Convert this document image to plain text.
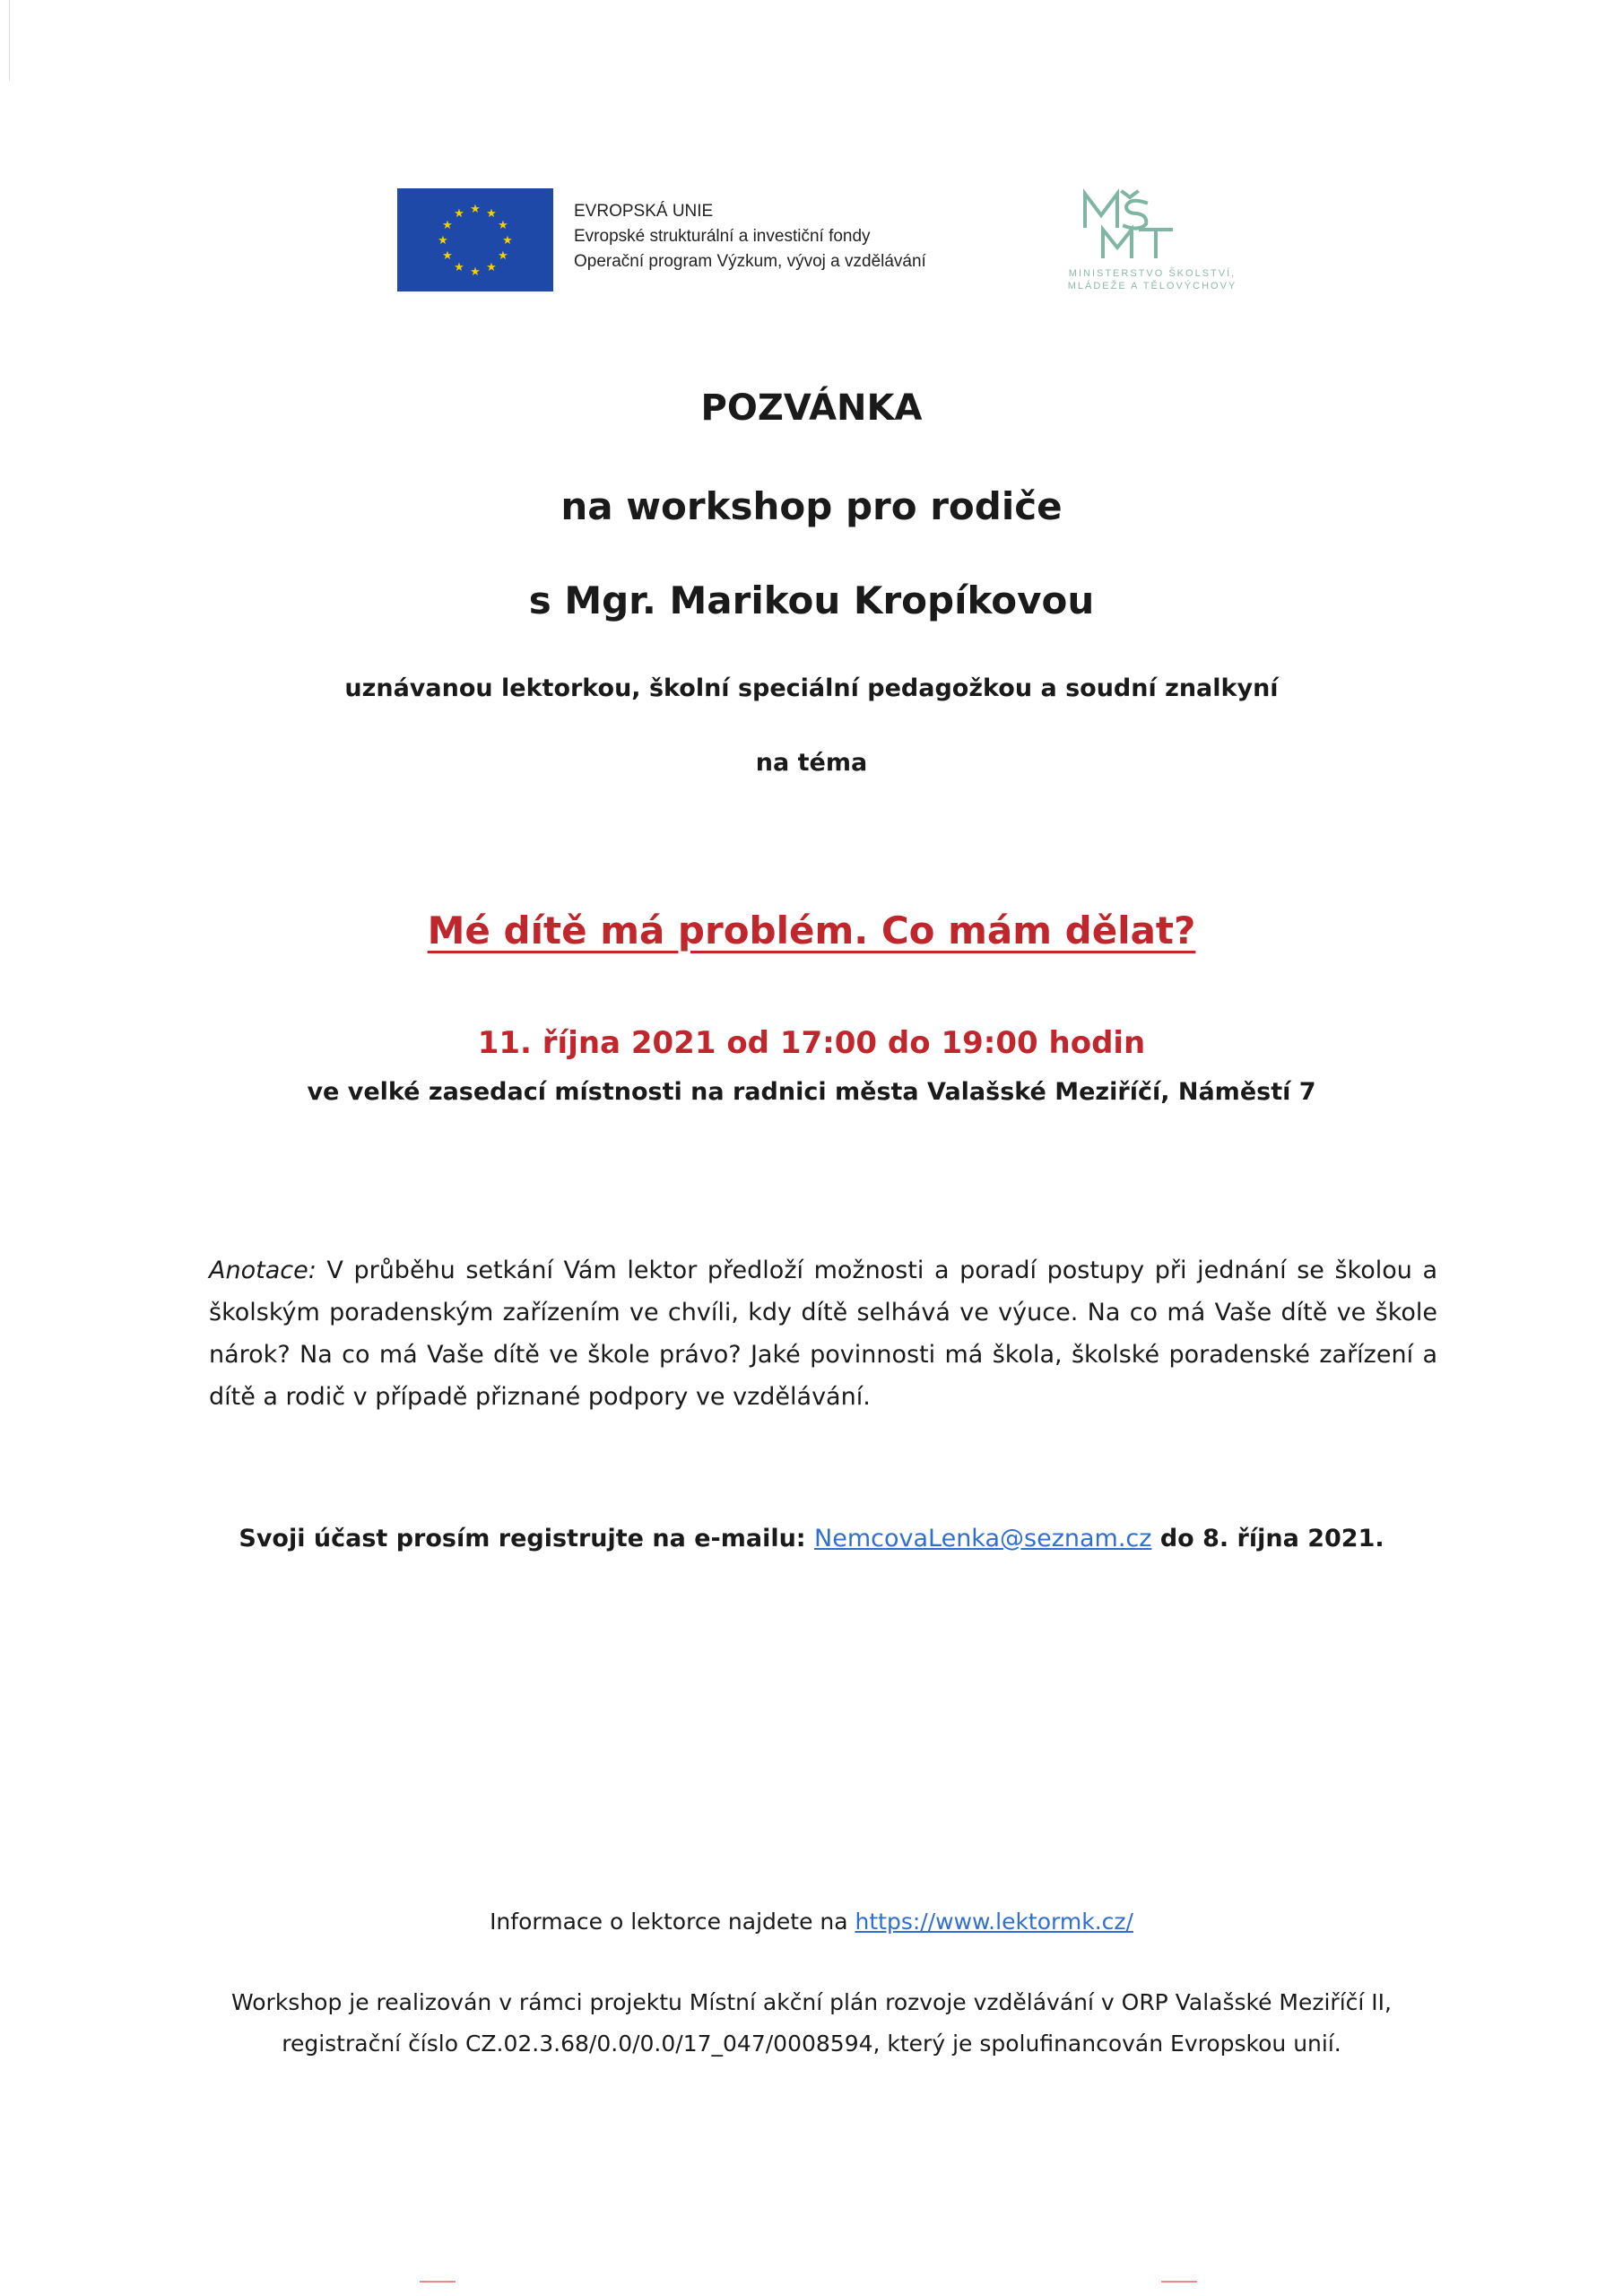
★ ★
★
★
★
★
★
★
★
★
★
★	EVROPSKÁ UNIE
Evropské strukturální a investiční fondy
Operační program Výzkum, vývoj a vzdělávání
MINISTERSTVO ŠKOLSTVÍ,
MLÁDEŽE A TĚLOVÝCHOVY
POZVÁNKA
na workshop pro rodiče
s Mgr. Marikou Kropíkovou
uznávanou lektorkou, školní speciální pedagožkou a soudní znalkyní
na téma
Mé dítě má problém. Co mám dělat?
11. října 2021 od 17:00 do 19:00 hodin
ve velké zasedací místnosti na radnici města Valašské Meziříčí, Náměstí 7
Anotace: V průběhu setkání Vám lektor předloží možnosti a poradí postupy při jednání se školou a školským poradenským zařízením ve chvíli, kdy dítě selhává ve výuce. Na co má Vaše dítě ve škole nárok? Na co má Vaše dítě ve škole právo? Jaké povinnosti má škola, školské poradenské zařízení a dítě a rodič v případě přiznané podpory ve vzdělávání.
Svoji účast prosím registrujte na e-mailu: NemcovaLenka@seznam.cz do 8. října 2021.
Informace o lektorce najdete na https://www.lektormk.cz/
Workshop je realizován v rámci projektu Místní akční plán rozvoje vzdělávání v ORP Valašské Meziříčí II,
registrační číslo CZ.02.3.68/0.0/0.0/17_047/0008594, který je spolufinancován Evropskou unií.
